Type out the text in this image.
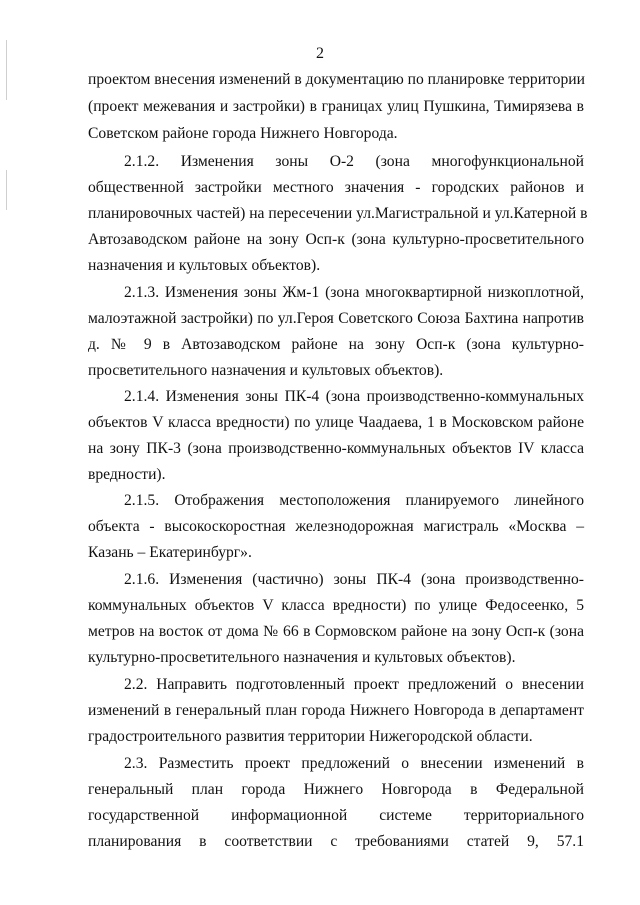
2
проектом внесения изменений в документацию по планировке территории
(проект межевания и застройки) в границах улиц Пушкина, Тимирязева в
Советском районе города Нижнего Новгорода.
2.1.2. Изменения зоны О-2 (зона многофункциональной
общественной застройки местного значения - городских районов и
планировочных частей) на пересечении ул.Магистральной и ул.Катерной в
Автозаводском районе на зону Осп-к (зона культурно-просветительного
назначения и культовых объектов).
2.1.3. Изменения зоны Жм-1 (зона многоквартирной низкоплотной,
малоэтажной застройки) по ул.Героя Советского Союза Бахтина напротив
д. № 9 в Автозаводском районе на зону Осп-к (зона культурно-
просветительного назначения и культовых объектов).
2.1.4. Изменения зоны ПК-4 (зона производственно-коммунальных
объектов V класса вредности) по улице Чаадаева, 1 в Московском районе
на зону ПК-3 (зона производственно-коммунальных объектов IV класса
вредности).
2.1.5. Отображения местоположения планируемого линейного
объекта - высокоскоростная железнодорожная магистраль «Москва –
Казань – Екатеринбург».
2.1.6. Изменения (частично) зоны ПК-4 (зона производственно-
коммунальных объектов V класса вредности) по улице Федосеенко, 5
метров на восток от дома № 66 в Сормовском районе на зону Осп-к (зона
культурно-просветительного назначения и культовых объектов).
2.2. Направить подготовленный проект предложений о внесении
изменений в генеральный план города Нижнего Новгорода в департамент
градостроительного развития территории Нижегородской области.
2.3. Разместить проект предложений о внесении изменений в
генеральный план города Нижнего Новгорода в Федеральной
государственной информационной системе территориального
планирования в соответствии с требованиями статей 9, 57.1
